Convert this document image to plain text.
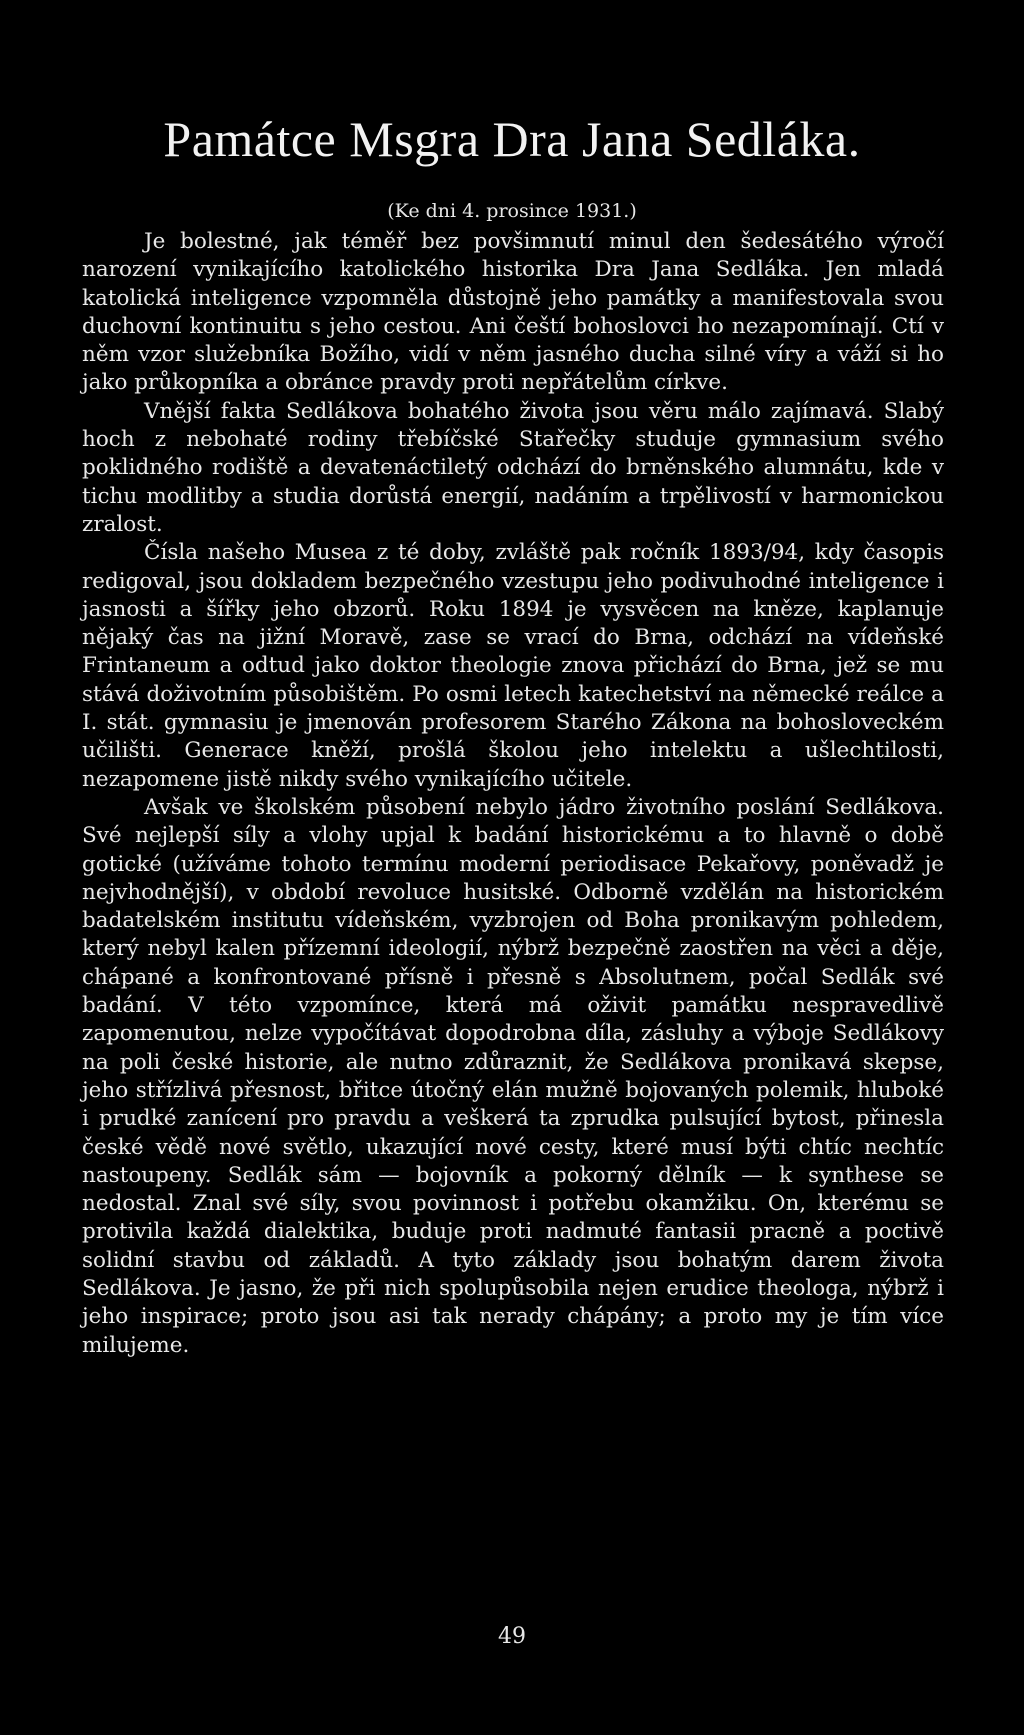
Památce Msgra Dra Jana Sedláka.
(Ke dni 4. prosince 1931.)

Je bolestné, jak téměř bez povšimnutí minul den šedesátého výročí narození vynikajícího katolického historika Dra Jana Sedláka. Jen mladá katolická inteligence vzpomněla důstojně jeho památky a manifestovala svou duchovní kontinuitu s jeho cestou. Ani čeští bohoslovci ho nezapomínají. Ctí v něm vzor služebníka Božího, vidí v něm jasného ducha silné víry a váží si ho jako průkopníka a obránce pravdy proti nepřátelům církve.

Vnější fakta Sedlákova bohatého života jsou věru málo zajímavá. Slabý hoch z nebohaté rodiny třebíčské Stařečky studuje gymnasium svého poklidného rodiště a devatenáctiletý odchází do brněnského alumnátu, kde v tichu modlitby a studia dorůstá energií, nadáním a trpělivostí v harmonickou zralost.

Čísla našeho Musea z té doby, zvláště pak ročník 1893/94, kdy časopis redigoval, jsou dokladem bezpečného vzestupu jeho podivuhodné inteligence i jasnosti a šířky jeho obzorů. Roku 1894 je vysvěcen na kněze, kaplanuje nějaký čas na jižní Moravě, zase se vrací do Brna, odchází na vídeňské Frintaneum a odtud jako doktor theologie znova přichází do Brna, jež se mu stává doživotním působištěm. Po osmi letech katechetství na německé reálce a I. stát. gymnasiu je jmenován profesorem Starého Zákona na bohosloveckém učilišti. Generace kněží, prošlá školou jeho intelektu a ušlechtilosti, nezapomene jistě nikdy svého vynikajícího učitele.

Avšak ve školském působení nebylo jádro životního poslání Sedlákova. Své nejlepší síly a vlohy upjal k badání historickému a to hlavně o době gotické (užíváme tohoto termínu moderní periodisace Pekařovy, poněvadž je nejvhodnější), v období revoluce husitské. Odborně vzdělán na historickém badatelském institutu vídeňském, vyzbrojen od Boha pronikavým pohledem, který nebyl kalen přízemní ideologií, nýbrž bezpečně zaostřen na věci a děje, chápané a konfrontované přísně i přesně s Absolutnem, počal Sedlák své badání. V této vzpomínce, která má oživit památku nespravedlivě zapomenutou, nelze vypočítávat dopodrobna díla, zásluhy a výboje Sedlákovy na poli české historie, ale nutno zdůraznit, že Sedlákova pronikavá skepse, jeho střízlivá přesnost, břitce útočný elán mužně bojovaných polemik, hluboké i prudké zanícení pro pravdu a veškerá ta zprudka pulsující bytost, přinesla české vědě nové světlo, ukazující nové cesty, které musí býti chtíc nechtíc nastoupeny. Sedlák sám — bojovník a pokorný dělník — k synthese se nedostal. Znal své síly, svou povinnost i potřebu okamžiku. On, kterému se protivila každá dialektika, buduje proti nadmuté fantasii pracně a poctivě solidní stavbu od základů. A tyto základy jsou bohatým darem života Sedlákova. Je jasno, že při nich spolupůsobila nejen erudice theologa, nýbrž i jeho inspirace; proto jsou asi tak nerady chápány; a proto my je tím více milujeme.

49
